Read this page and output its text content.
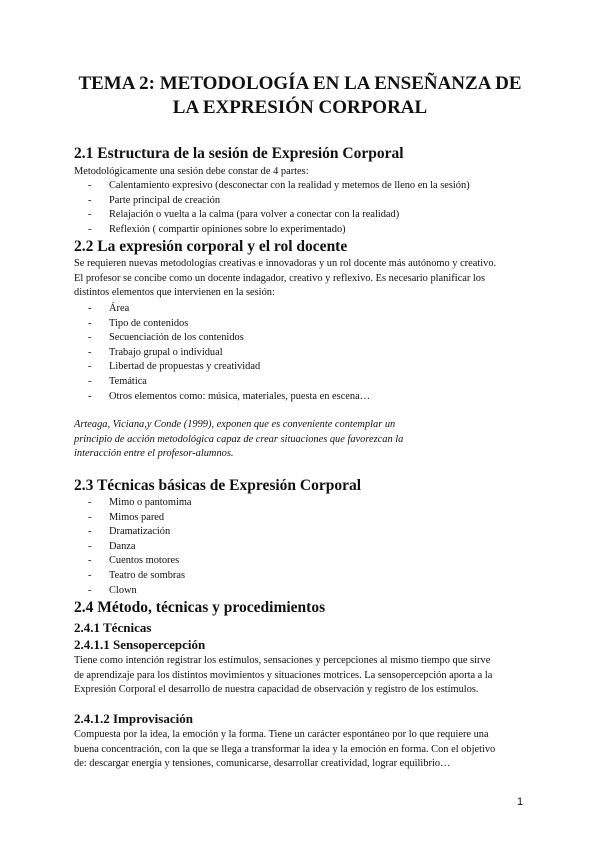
TEMA 2: METODOLOGÍA EN LA ENSEÑANZA DE
LA EXPRESIÓN CORPORAL
2.1 Estructura de la sesión de Expresión Corporal
Metodológicamente una sesión debe constar de 4 partes:
- Calentamiento expresivo (desconectar con la realidad y metemos de lleno en la sesión)
- Parte principal de creación
- Relajación o vuelta a la calma (para volver a conectar con la realidad)
- Reflexión ( compartir opiniones sobre lo experimentado)
2.2 La expresión corporal y el rol docente
Se requieren nuevas metodologías creativas e innovadoras y un rol docente más autónomo y creativo.
El profesor se concibe como un docente indagador, creativo y reflexivo. Es necesario planificar los
distintos elementos que intervienen en la sesión:
- Área
- Tipo de contenidos
- Secuenciación de los contenidos
- Trabajo grupal o individual
- Libertad de propuestas y creatividad
- Temática
- Otros elementos como: música, materiales, puesta en escena…
Arteaga, Viciana,y Conde (1999), exponen que es conveniente contemplar un
principio de acción metodológica capaz de crear situaciones que favorezcan la
interacción entre el profesor-alumnos.
2.3 Técnicas básicas de Expresión Corporal
- Mimo o pantomima
- Mimos pared
- Dramatización
- Danza
- Cuentos motores
- Teatro de sombras
- Clown
2.4 Método, técnicas y procedimientos
2.4.1 Técnicas
2.4.1.1 Sensopercepción
Tiene como intención registrar los estímulos, sensaciones y percepciones al mismo tiempo que sirve
de aprendizaje para los distintos movimientos y situaciones motrices. La sensopercepción aporta a la
Expresión Corporal el desarrollo de nuestra capacidad de observación y registro de los estímulos.
2.4.1.2 Improvisación
Compuesta por la idea, la emoción y la forma. Tiene un carácter espontáneo por lo que requiere una
buena concentración, con la que se llega a transformar la idea y la emoción en forma. Con el objetivo
de: descargar energía y tensiones, comunicarse, desarrollar creatividad, lograr equilibrio…
1
